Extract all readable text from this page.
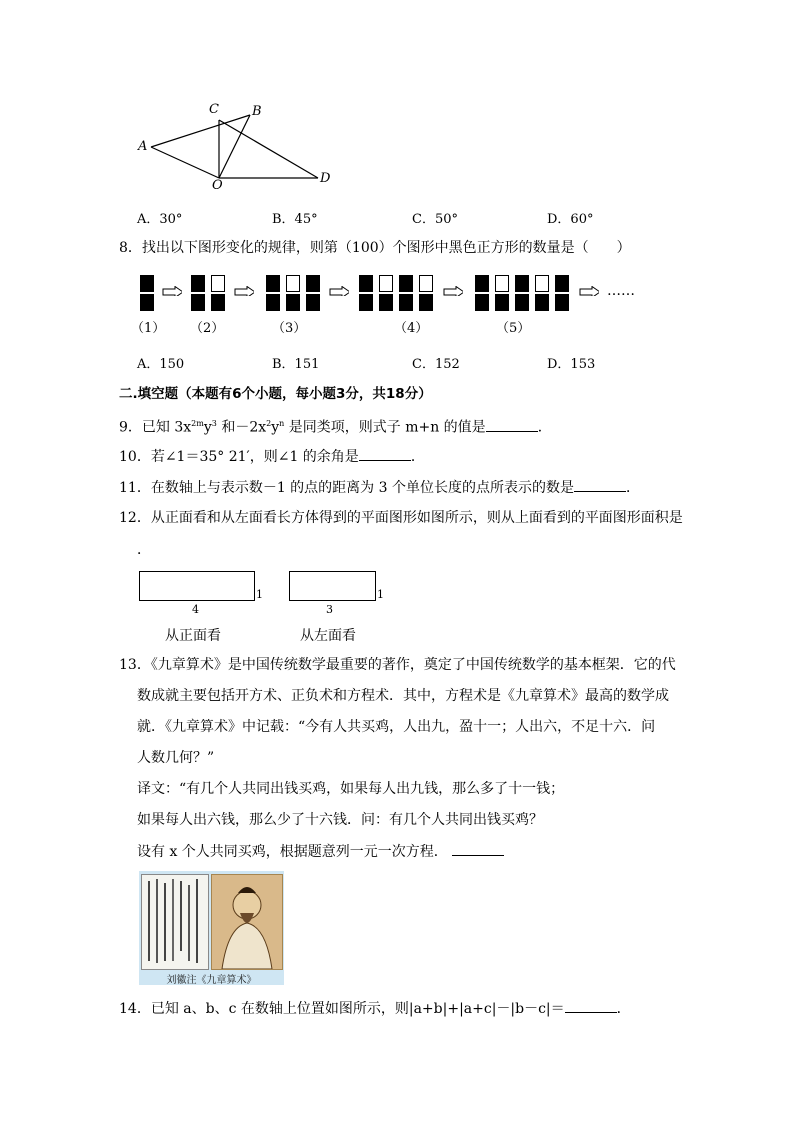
A
C	B
O	D
A．30°	B．45°	C．50°	D．60°
8．找出以下图形变化的规律，则第（100）个图形中黑色正方形的数量是（　　）
……
（1） （2）	（3）	（4）	（5）
A．150	B．151	C．152	D．153
二.填空题（本题有6个小题，每小题3分，共18分）
9．已知 $3x^{2m}y^3$ 和$-2x^2y^n$ 是同类项，则式子 m+n 的值是	．
10．若∠1＝35° 21′，则∠1 的余角是	．
11．在数轴上与表示数－1 的点的距离为 3 个单位长度的点所表示的数是	．
12．从正面看和从左面看长方体得到的平面图形如图所示，则从上面看到的平面图形面积是
．
1
4
从正面看
1
3
从左面看
13．《九章算术》是中国传统数学最重要的著作，奠定了中国传统数学的基本框架．它的代
数成就主要包括开方术、正负术和方程术．其中，方程术是《九章算术》最高的数学成
就．《九章算术》中记载：“今有人共买鸡，人出九，盈十一；人出六，不足十六．问
人数几何？”
译文：“有几个人共同出钱买鸡，如果每人出九钱，那么多了十一钱；
如果每人出六钱，那么少了十六钱．问：有几个人共同出钱买鸡？
设有 x 个人共同买鸡，根据题意列一元一次方程．
刘徽注《九章算术》
14．已知 a、b、c 在数轴上位置如图所示，则|a+b|+|a+c|－|b－c|＝	．
